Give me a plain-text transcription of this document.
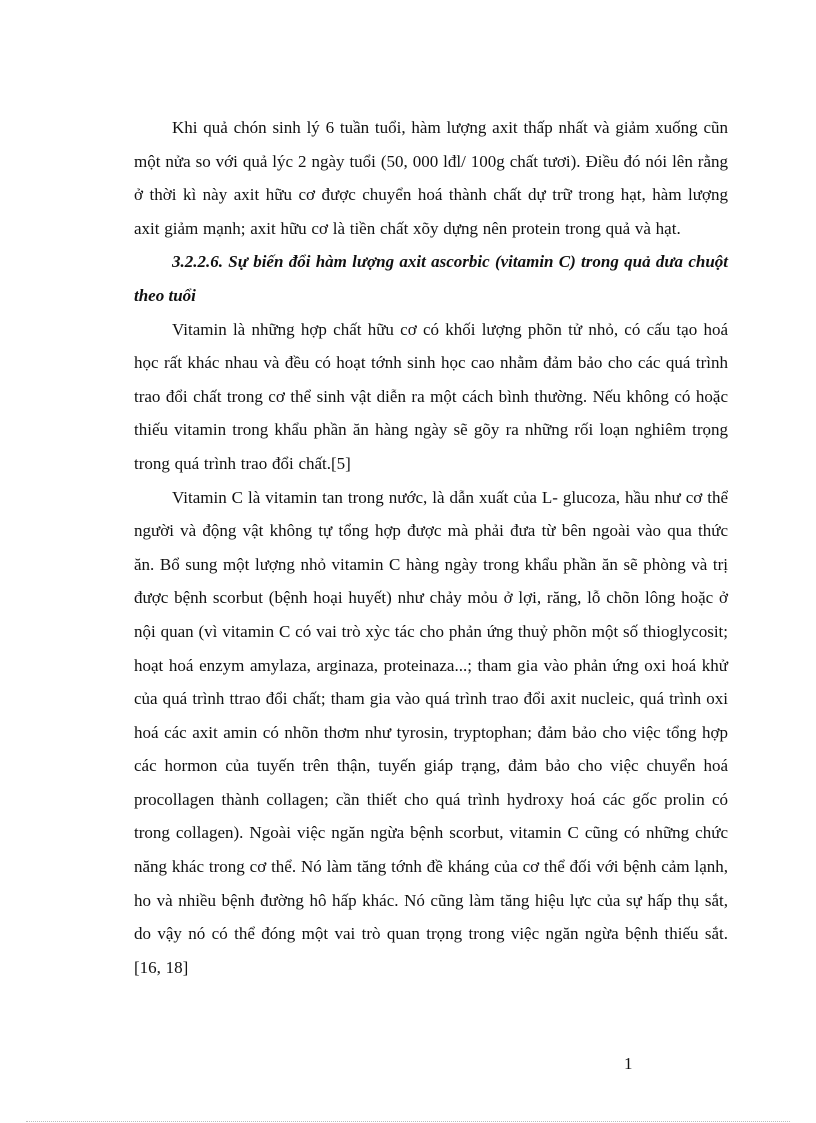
Khi quả chón sinh lý 6 tuần tuổi, hàm lượng axit thấp nhất và giảm xuống cũn một nửa so với quả lýc 2 ngày tuổi (50, 000 lđl/ 100g chất tươi). Điều đó nói lên rằng ở thời kì này axit hữu cơ được chuyển hoá thành chất dự trữ trong hạt, hàm lượng axit giảm mạnh; axit hữu cơ là tiền chất xõy dựng nên protein trong quả và hạt.

3.2.2.6. Sự biến đổi hàm lượng axit ascorbic (vitamin C) trong quả dưa chuột theo tuổi

Vitamin là những hợp chất hữu cơ có khối lượng phõn tử nhỏ, có cấu tạo hoá học rất khác nhau và đều có hoạt tớnh sinh học cao nhằm đảm bảo cho các quá trình trao đổi chất trong cơ thể sinh vật diễn ra một cách bình thường. Nếu không có hoặc thiếu vitamin trong khẩu phần ăn hàng ngày sẽ gõy ra những rối loạn nghiêm trọng trong quá trình trao đổi chất.[5]

Vitamin C là vitamin tan trong nước, là dẫn xuất của L- glucoza, hầu như cơ thể người và động vật không tự tổng hợp được mà phải đưa từ bên ngoài vào qua thức ăn. Bổ sung một lượng nhỏ vitamin C hàng ngày trong khẩu phần ăn sẽ phòng và trị được bệnh scorbut (bệnh hoại huyết) như chảy mỏu ở lợi, răng, lỗ chõn lông hoặc ở nội quan (vì vitamin C có vai trò xỳc tác cho phản ứng thuỷ phõn một số thioglycosit; hoạt hoá enzym amylaza, arginaza, proteinaza...; tham gia vào phản ứng oxi hoá khử của quá trình ttrao đổi chất; tham gia vào quá trình trao đổi axit nucleic, quá trình oxi hoá các axit amin có nhõn thơm như tyrosin, tryptophan; đảm bảo cho việc tổng hợp các hormon của tuyến trên thận, tuyến giáp trạng, đảm bảo cho việc chuyển hoá procollagen thành collagen; cần thiết cho quá trình hydroxy hoá các gốc prolin có trong collagen). Ngoài việc ngăn ngừa bệnh scorbut, vitamin C cũng có những chức năng khác trong cơ thể. Nó làm tăng tớnh đề kháng của cơ thể đối với bệnh cảm lạnh, ho và nhiều bệnh đường hô hấp khác. Nó cũng làm tăng hiệu lực của sự hấp thụ sắt, do vậy nó có thể đóng một vai trò quan trọng trong việc ngăn ngừa bệnh thiếu sắt. [16, 18]

1
